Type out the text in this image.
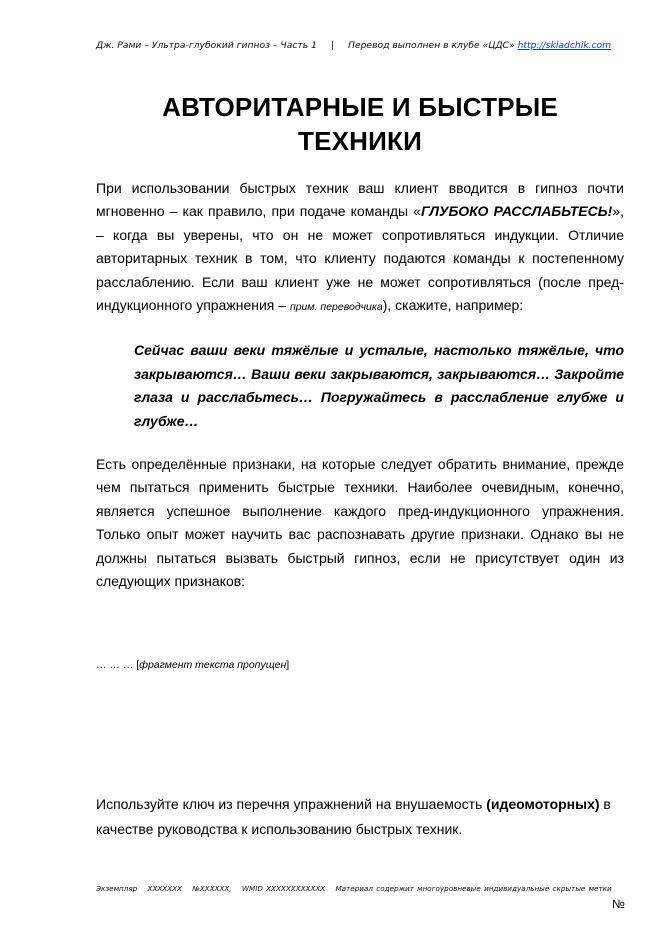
Дж. Рами – Ультра-глубокий гипноз – Часть 1 | Перевод выполнен в клубе «ЦДС» http://skladchik.com
АВТОРИТАРНЫЕ И БЫСТРЫЕ
ТЕХНИКИ

При использовании быстрых техник ваш клиент вводится в гипноз почти мгновенно – как правило, при подаче команды «ГЛУБОКО РАССЛАБЬТЕСЬ!», – когда вы уверены, что он не может сопротивляться индукции. Отличие авторитарных техник в том, что клиенту подаются команды к постепенному расслаблению. Если ваш клиент уже не может сопротивляться (после пред-индукционного упражнения – прим. переводчика), скажите, например:

Сейчас ваши веки тяжёлые и усталые, настолько тяжёлые, что закрываются… Ваши веки закрываются, закрываются… Закройте глаза и расслабьтесь… Погружайтесь в расслабление глубже и глубже…

Есть определённые признаки, на которые следует обратить внимание, прежде чем пытаться применить быстрые техники. Наиболее очевидным, конечно, является успешное выполнение каждого пред-индукционного упражнения. Только опыт может научить вас распознавать другие признаки. Однако вы не должны пытаться вызвать быстрый гипноз, если не присутствует один из следующих признаков:

… … … [фрагмент текста пропущен]

Используйте ключ из перечня упражнений на внушаемость (идеомоторных) в качестве руководства к использованию быстрых техник.

Экземпляр XXXXXXX №XXXXXX, WMID XXXXXXXXXXXX Материал содержит многоуровневые индивидуальные скрытые метки
№
